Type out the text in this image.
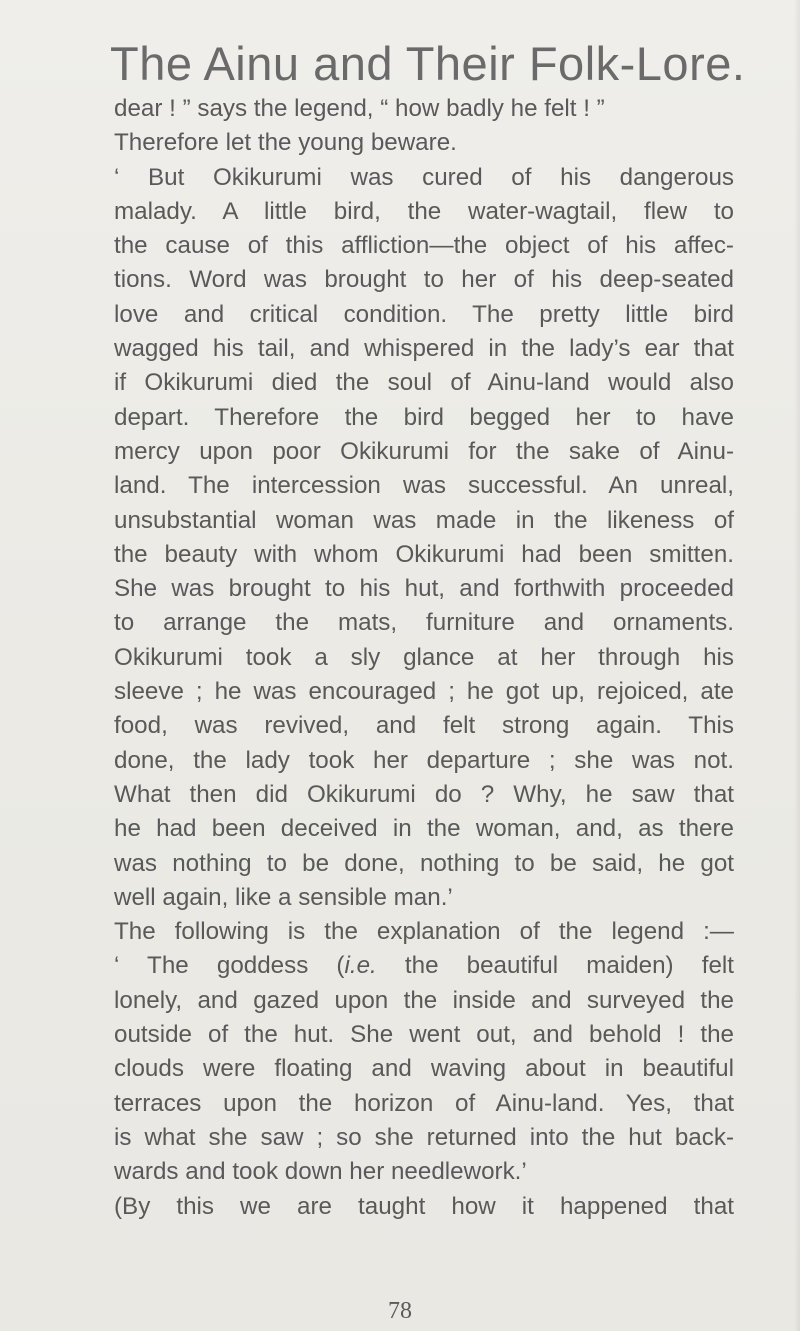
The Ainu and Their Folk-Lore.
dear ! ” says the legend, “ how badly he felt ! ”
Therefore let the young beware.
‘ But Okikurumi was cured of his dangerous
malady. A little bird, the water-wagtail, flew to
the cause of this affliction—the object of his affec-
tions. Word was brought to her of his deep-seated
love and critical condition. The pretty little bird
wagged his tail, and whispered in the lady’s ear that
if Okikurumi died the soul of Ainu-land would also
depart. Therefore the bird begged her to have
mercy upon poor Okikurumi for the sake of Ainu-
land. The intercession was successful. An unreal,
unsubstantial woman was made in the likeness of
the beauty with whom Okikurumi had been smitten.
She was brought to his hut, and forthwith proceeded
to arrange the mats, furniture and ornaments.
Okikurumi took a sly glance at her through his
sleeve ; he was encouraged ; he got up, rejoiced, ate
food, was revived, and felt strong again. This
done, the lady took her departure ; she was not.
What then did Okikurumi do ? Why, he saw that
he had been deceived in the woman, and, as there
was nothing to be done, nothing to be said, he got
well again, like a sensible man.’
The following is the explanation of the legend :—
‘ The goddess (i.e. the beautiful maiden) felt
lonely, and gazed upon the inside and surveyed the
outside of the hut. She went out, and behold ! the
clouds were floating and waving about in beautiful
terraces upon the horizon of Ainu-land. Yes, that
is what she saw ; so she returned into the hut back-
wards and took down her needlework.’
(By this we are taught how it happened that
78
